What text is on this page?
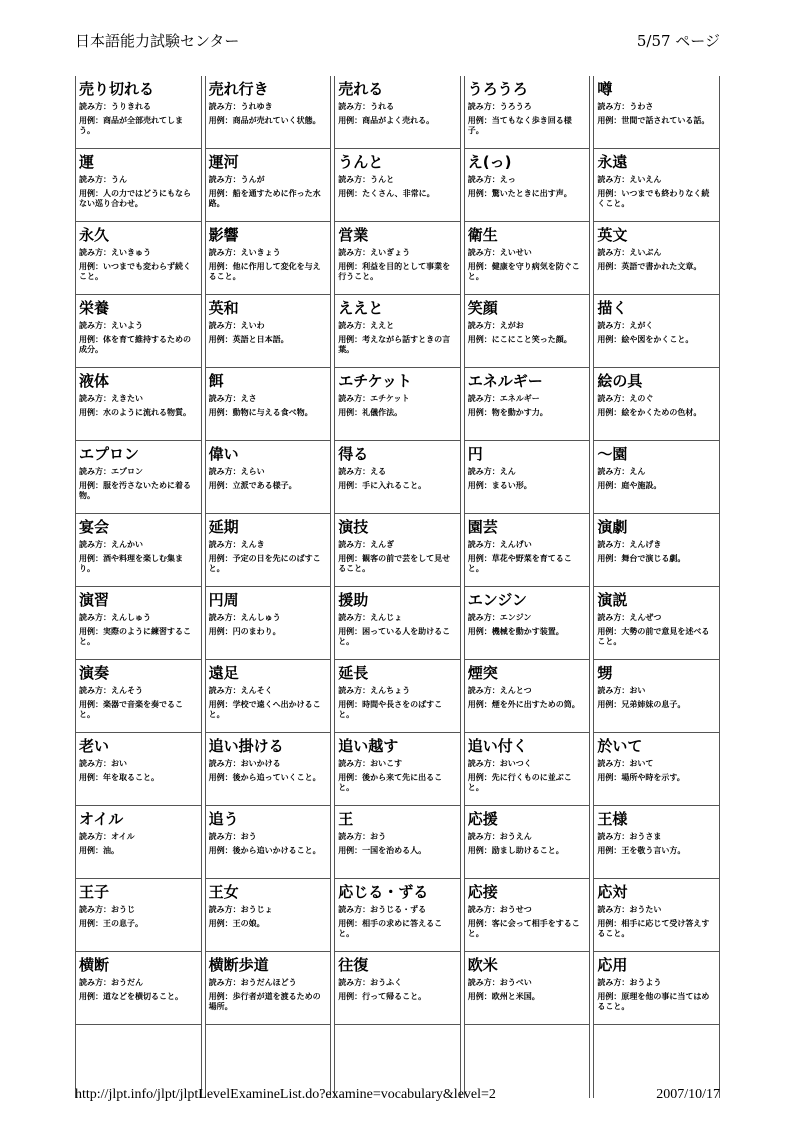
日本語能力試験センター	5/57 ページ
売り切れる
読み方：うりきれる
用例：商品が全部売れてしまう。
売れ行き
読み方：うれゆき
用例：商品が売れていく状態。
売れる
読み方：うれる
用例：商品がよく売れる。
うろうろ
読み方：うろうろ
用例：当てもなく歩き回る様子。
噂
読み方：うわさ
用例：世間で話されている話。
運
読み方：うん
用例：人の力ではどうにもならない巡り合わせ。
運河
読み方：うんが
用例：船を通すために作った水路。
うんと
読み方：うんと
用例：たくさん、非常に。
え(っ)
読み方：えっ
用例：驚いたときに出す声。
永遠
読み方：えいえん
用例：いつまでも終わりなく続くこと。
永久
読み方：えいきゅう
用例：いつまでも変わらず続くこと。
影響
読み方：えいきょう
用例：他に作用して変化を与えること。
営業
読み方：えいぎょう
用例：利益を目的として事業を行うこと。
衛生
読み方：えいせい
用例：健康を守り病気を防ぐこと。
英文
読み方：えいぶん
用例：英語で書かれた文章。
栄養
読み方：えいよう
用例：体を育て維持するための成分。
英和
読み方：えいわ
用例：英語と日本語。
ええと
読み方：ええと
用例：考えながら話すときの言葉。
笑顔
読み方：えがお
用例：にこにこと笑った顔。
描く
読み方：えがく
用例：絵や図をかくこと。
液体
読み方：えきたい
用例：水のように流れる物質。
餌
読み方：えさ
用例：動物に与える食べ物。
エチケット
読み方：エチケット
用例：礼儀作法。
エネルギー
読み方：エネルギー
用例：物を動かす力。
絵の具
読み方：えのぐ
用例：絵をかくための色材。
エプロン
読み方：エプロン
用例：服を汚さないために着る物。
偉い
読み方：えらい
用例：立派である様子。
得る
読み方：える
用例：手に入れること。
円
読み方：えん
用例：まるい形。
～園
読み方：えん
用例：庭や施設。
宴会
読み方：えんかい
用例：酒や料理を楽しむ集まり。
延期
読み方：えんき
用例：予定の日を先にのばすこと。
演技
読み方：えんぎ
用例：観客の前で芸をして見せること。
園芸
読み方：えんげい
用例：草花や野菜を育てること。
演劇
読み方：えんげき
用例：舞台で演じる劇。
演習
読み方：えんしゅう
用例：実際のように練習すること。
円周
読み方：えんしゅう
用例：円のまわり。
援助
読み方：えんじょ
用例：困っている人を助けること。
エンジン
読み方：エンジン
用例：機械を動かす装置。
演説
読み方：えんぜつ
用例：大勢の前で意見を述べること。
演奏
読み方：えんそう
用例：楽器で音楽を奏でること。
遠足
読み方：えんそく
用例：学校で遠くへ出かけること。
延長
読み方：えんちょう
用例：時間や長さをのばすこと。
煙突
読み方：えんとつ
用例：煙を外に出すための筒。
甥
読み方：おい
用例：兄弟姉妹の息子。
老い
読み方：おい
用例：年を取ること。
追い掛ける
読み方：おいかける
用例：後から追っていくこと。
追い越す
読み方：おいこす
用例：後から来て先に出ること。
追い付く
読み方：おいつく
用例：先に行くものに並ぶこと。
於いて
読み方：おいて
用例：場所や時を示す。
オイル
読み方：オイル
用例：油。
追う
読み方：おう
用例：後から追いかけること。
王
読み方：おう
用例：一国を治める人。
応援
読み方：おうえん
用例：励まし助けること。
王様
読み方：おうさま
用例：王を敬う言い方。
王子
読み方：おうじ
用例：王の息子。
王女
読み方：おうじょ
用例：王の娘。
応じる・ずる
読み方：おうじる・ずる
用例：相手の求めに答えること。
応接
読み方：おうせつ
用例：客に会って相手をすること。
応対
読み方：おうたい
用例：相手に応じて受け答えすること。
横断
読み方：おうだん
用例：道などを横切ること。
横断歩道
読み方：おうだんほどう
用例：歩行者が道を渡るための場所。
往復
読み方：おうふく
用例：行って帰ること。
欧米
読み方：おうべい
用例：欧州と米国。
応用
読み方：おうよう
用例：原理を他の事に当てはめること。
http://jlpt.info/jlpt/jlptLevelExamineList.do?examine=vocabulary&level=2	2007/10/17
